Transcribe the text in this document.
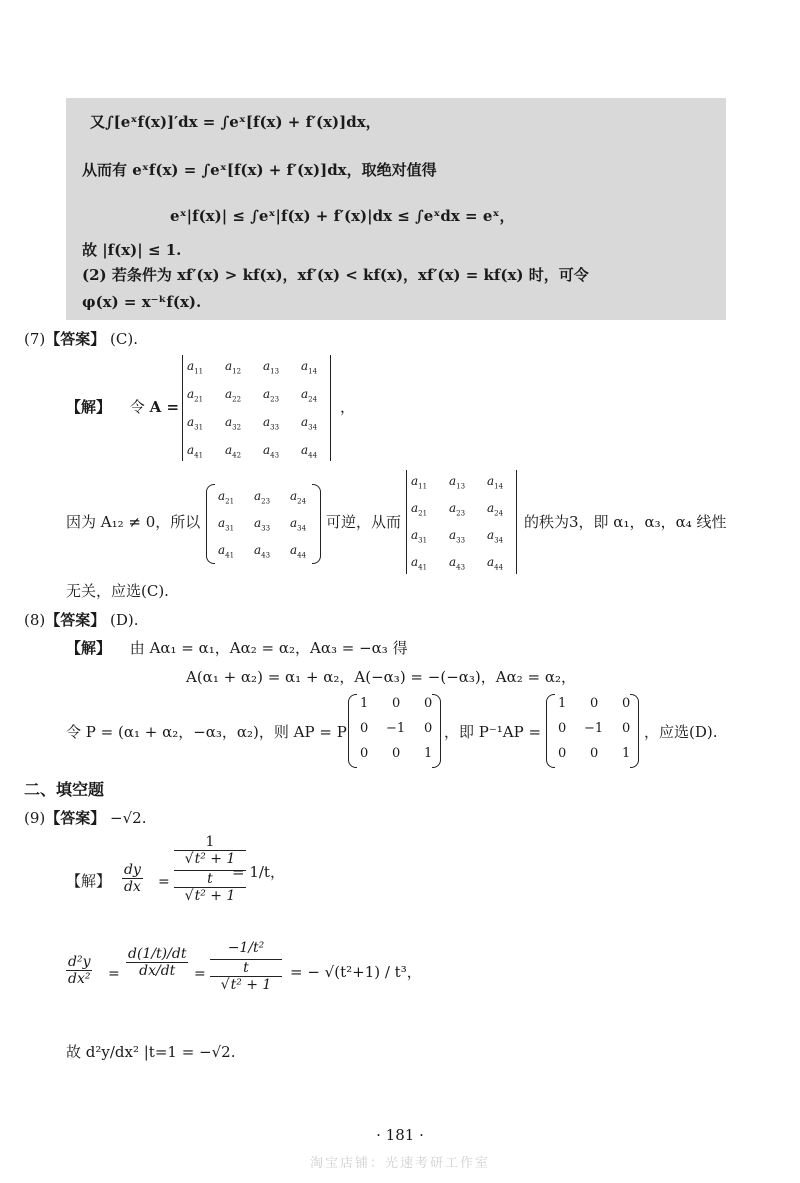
又∫[eˣf(x)]′dx = ∫eˣ[f(x) + f′(x)]dx，
从而有 eˣf(x) = ∫eˣ[f(x) + f′(x)]dx，取绝对值得
eˣ|f(x)| ≤ ∫eˣ|f(x) + f′(x)|dx ≤ ∫eˣdx = eˣ，
故 |f(x)| ≤ 1.
(2) 若条件为 xf′(x) > kf(x)，xf′(x) < kf(x)，xf′(x) = kf(x) 时，可令
φ(x) = x⁻ᵏf(x).
(7)【答案】 (C).
【解】 令 A =
$a_{11}$ $a_{12}$ $a_{13}$ $a_{14}$
$a_{21}$ $a_{22}$ $a_{23}$ $a_{24}$
$a_{31}$ $a_{32}$ $a_{33}$ $a_{34}$
$a_{41}$ $a_{42}$ $a_{43}$ $a_{44}$
，
因为 A₁₂ ≠ 0，所以
$a_{21}$ $a_{23}$ $a_{24}$
$a_{31}$ $a_{33}$ $a_{34}$
$a_{41}$ $a_{43}$ $a_{44}$
可逆，从而
$a_{11}$ $a_{13}$ $a_{14}$
$a_{21}$ $a_{23}$ $a_{24}$
$a_{31}$ $a_{33}$ $a_{34}$
$a_{41}$ $a_{43}$ $a_{44}$
的秩为3，即 α₁，α₃，α₄ 线性
无关，应选(C).
(8)【答案】 (D).
【解】 由 Aα₁ = α₁，Aα₂ = α₂，Aα₃ = −α₃ 得
A(α₁ + α₂) = α₁ + α₂，A(−α₃) = −(−α₃)，Aα₂ = α₂，
令 P = (α₁ + α₂，−α₃，α₂)，则 AP = P
1 0 0
0 −1 0
0 0 1
，即 P⁻¹AP =
1 0 0
0 −1 0
0 0 1
，应选(D).
二、填空题
(9)【答案】 −√2.
【解】 $\frac{dy}{dx}$ =
1
√t² + 1
t
√t² + 1
= 1/t，
$\frac{\text{d²y}}{\text{dx²}} = \frac{d(1/t)/dt}{dx/dt}$ =
−1/t²
t
√t² + 1
= − √(t²+1) / t³，
故 d²y/dx² |t=1 = −√2.
· 181 ·
淘宝店铺：光速考研工作室
